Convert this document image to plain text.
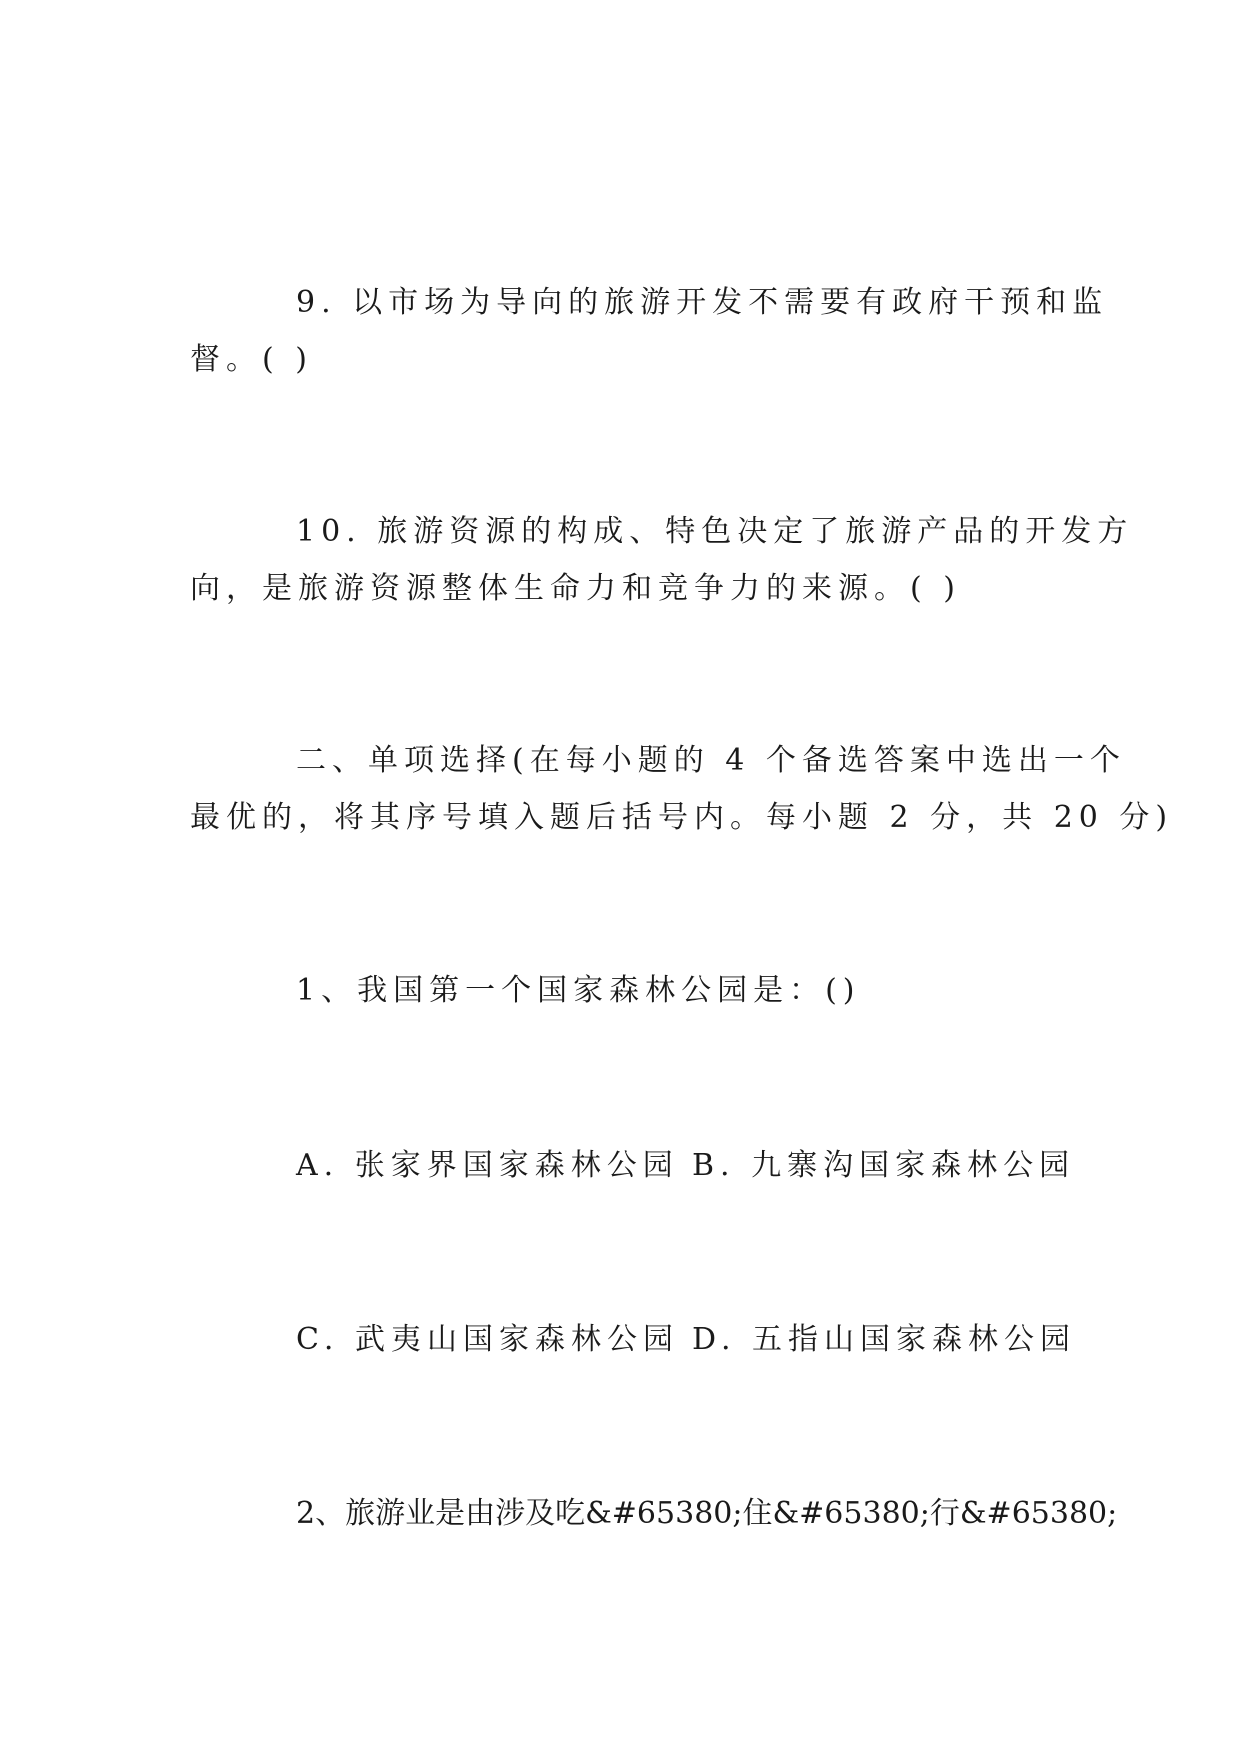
9. 以市场为导向的旅游开发不需要有政府干预和监
督。( )
10. 旅游资源的构成、特色决定了旅游产品的开发方
向，是旅游资源整体生命力和竞争力的来源。( )
二、单项选择(在每小题的 4 个备选答案中选出一个
最优的，将其序号填入题后括号内。每小题 2 分，共 20 分)
1、我国第一个国家森林公园是：()
A. 张家界国家森林公园 B. 九寨沟国家森林公园
C. 武夷山国家森林公园 D. 五指山国家森林公园
2、旅游业是由涉及吃&#65380;住&#65380;行&#65380;
